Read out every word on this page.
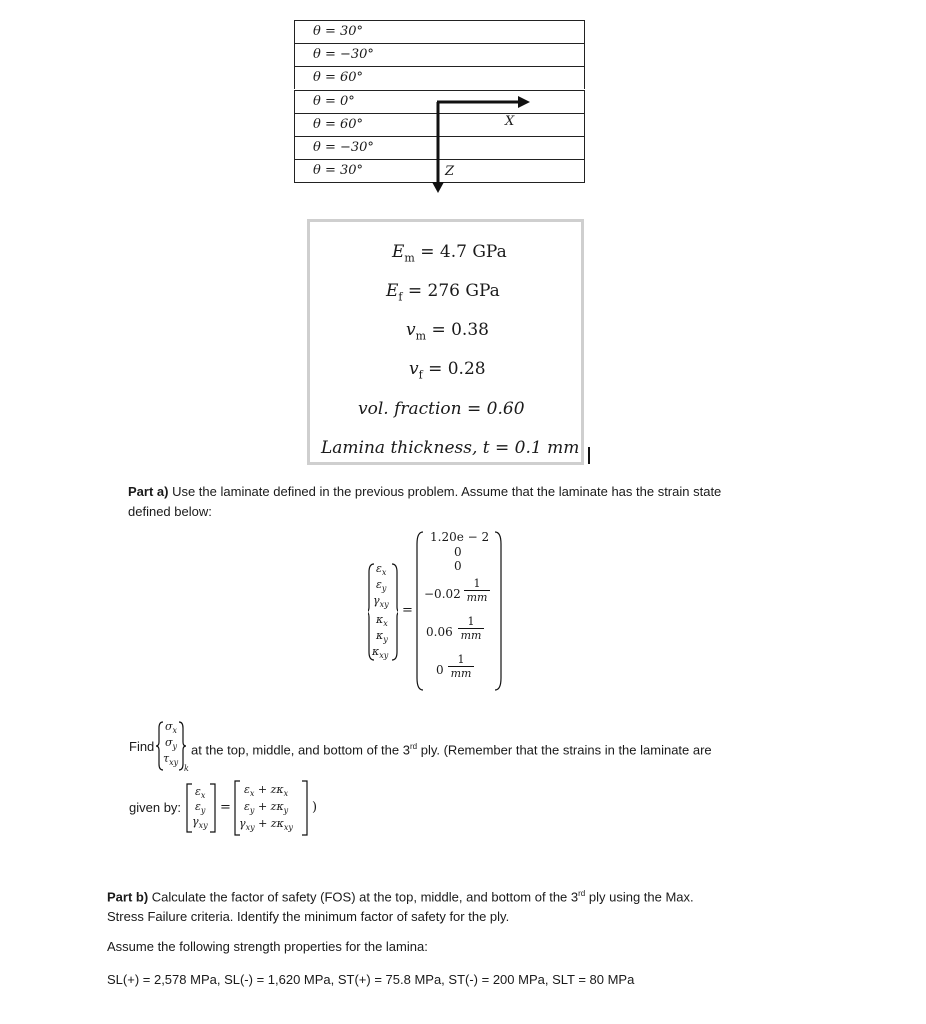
θ = 30°
θ = −30°
θ = 60°
θ = 0°
θ = 60°
θ = −30°
θ = 30°
X
Z
$E_m = 4.7$ GPa
$E_f = 276$ GPa
$v_m = 0.38$
$v_f = 0.28$
vol. fraction = 0.60
Lamina thickness, t = 0.1 mm
Part a) Use the laminate defined in the previous problem. Assume that the laminate has the strain state
defined below:
$\varepsilon_x$
$\varepsilon_y$
$\gamma_{xy}$
$\kappa_x$
$\kappa_y$
$\kappa_{xy}$
=
1.20e − 2
0
0
−0.02
0.06
0
1
mm
1
mm
1
mm
Find
$\sigma_x$
$\sigma_y$
$\tau_{xy}$
k
at the top, middle, and bottom of the 3rd ply. (Remember that the strains in the laminate are
given by:
$\varepsilon_x$
$\varepsilon_y$
$\gamma_{xy}$
=
$\varepsilon_x + z\kappa_x$
$\varepsilon_y + z\kappa_y$
$\gamma_{xy} + z\kappa_{xy}$
)
Part b) Calculate the factor of safety (FOS) at the top, middle, and bottom of the 3rd ply using the Max.
Stress Failure criteria. Identify the minimum factor of safety for the ply.
Assume the following strength properties for the lamina:
SL(+) = 2,578 MPa, SL(-) = 1,620 MPa, ST(+) = 75.8 MPa, ST(-) = 200 MPa, SLT = 80 MPa
